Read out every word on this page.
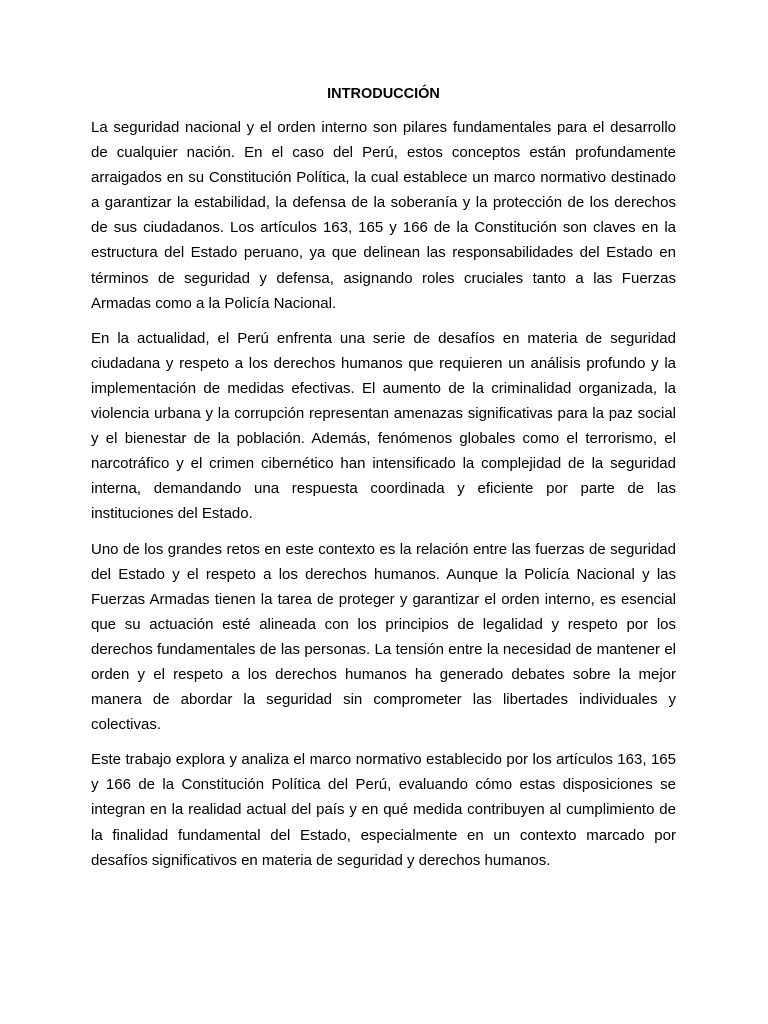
INTRODUCCIÓN

La seguridad nacional y el orden interno son pilares fundamentales para el desarrollo de cualquier nación. En el caso del Perú, estos conceptos están profundamente arraigados en su Constitución Política, la cual establece un marco normativo destinado a garantizar la estabilidad, la defensa de la soberanía y la protección de los derechos de sus ciudadanos. Los artículos 163, 165 y 166 de la Constitución son claves en la estructura del Estado peruano, ya que delinean las responsabilidades del Estado en términos de seguridad y defensa, asignando roles cruciales tanto a las Fuerzas Armadas como a la Policía Nacional.

En la actualidad, el Perú enfrenta una serie de desafíos en materia de seguridad ciudadana y respeto a los derechos humanos que requieren un análisis profundo y la implementación de medidas efectivas. El aumento de la criminalidad organizada, la violencia urbana y la corrupción representan amenazas significativas para la paz social y el bienestar de la población. Además, fenómenos globales como el terrorismo, el narcotráfico y el crimen cibernético han intensificado la complejidad de la seguridad interna, demandando una respuesta coordinada y eficiente por parte de las instituciones del Estado.

Uno de los grandes retos en este contexto es la relación entre las fuerzas de seguridad del Estado y el respeto a los derechos humanos. Aunque la Policía Nacional y las Fuerzas Armadas tienen la tarea de proteger y garantizar el orden interno, es esencial que su actuación esté alineada con los principios de legalidad y respeto por los derechos fundamentales de las personas. La tensión entre la necesidad de mantener el orden y el respeto a los derechos humanos ha generado debates sobre la mejor manera de abordar la seguridad sin comprometer las libertades individuales y colectivas.

Este trabajo explora y analiza el marco normativo establecido por los artículos 163, 165 y 166 de la Constitución Política del Perú, evaluando cómo estas disposiciones se integran en la realidad actual del país y en qué medida contribuyen al cumplimiento de la finalidad fundamental del Estado, especialmente en un contexto marcado por desafíos significativos en materia de seguridad y derechos humanos.
